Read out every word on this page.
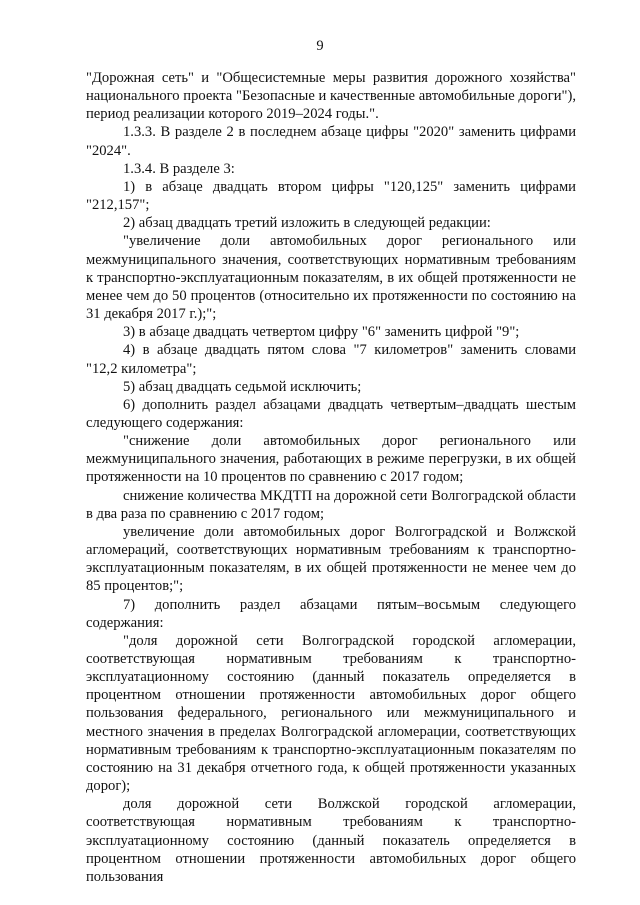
9

"Дорожная сеть" и "Общесистемные меры развития дорожного хозяйства" национального проекта "Безопасные и качественные автомобильные дороги"), период реализации которого 2019–2024 годы.".

1.3.3. В разделе 2 в последнем абзаце цифры "2020" заменить цифрами "2024".

1.3.4. В разделе 3:

1) в абзаце двадцать втором цифры "120,125" заменить цифрами "212,157";

2) абзац двадцать третий изложить в следующей редакции:

"увеличение доли автомобильных дорог регионального или межмуниципального значения, соответствующих нормативным требованиям к транспортно-эксплуатационным показателям, в их общей протяженности не менее чем до 50 процентов (относительно их протяженности по состоянию на 31 декабря 2017 г.);";

3) в абзаце двадцать четвертом цифру "6" заменить цифрой "9";

4) в абзаце двадцать пятом слова "7 километров" заменить словами "12,2 километра";

5) абзац двадцать седьмой исключить;

6) дополнить раздел абзацами двадцать четвертым–двадцать шестым следующего содержания:

"снижение доли автомобильных дорог регионального или межмуниципального значения, работающих в режиме перегрузки, в их общей протяженности на 10 процентов по сравнению с 2017 годом;

снижение количества МКДТП на дорожной сети Волгоградской области в два раза по сравнению с 2017 годом;

увеличение доли автомобильных дорог Волгоградской и Волжской агломераций, соответствующих нормативным требованиям к транспортно-эксплуатационным показателям, в их общей протяженности не менее чем до 85 процентов;";

7) дополнить раздел абзацами пятым–восьмым следующего содержания:

"доля дорожной сети Волгоградской городской агломерации, соответствующая нормативным требованиям к транспортно-эксплуатационному состоянию (данный показатель определяется в процентном отношении протяженности автомобильных дорог общего пользования федерального, регионального или межмуниципального и местного значения в пределах Волгоградской агломерации, соответствующих нормативным требованиям к транспортно-эксплуатационным показателям по состоянию на 31 декабря отчетного года, к общей протяженности указанных дорог);

доля дорожной сети Волжской городской агломерации, соответствующая нормативным требованиям к транспортно-эксплуатационному состоянию (данный показатель определяется в процентном отношении протяженности автомобильных дорог общего пользования
